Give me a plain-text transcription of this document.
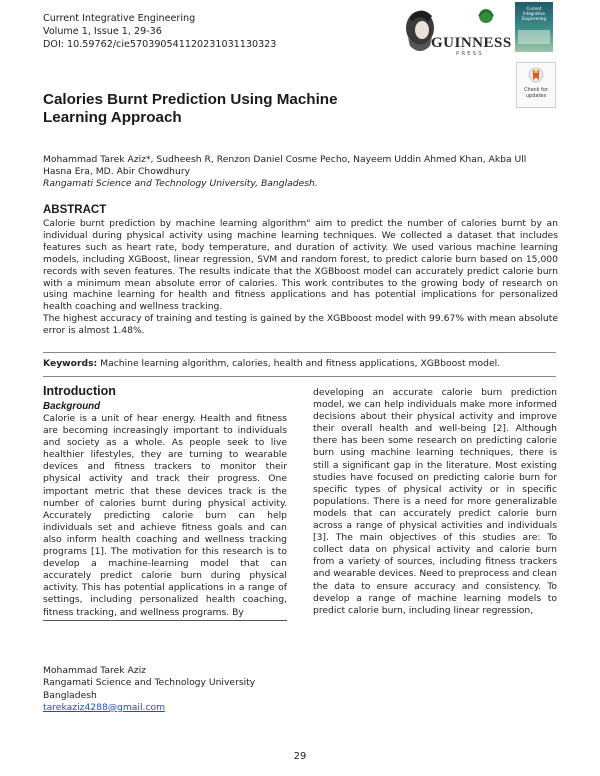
Current Integrative Engineering
Volume 1, Issue 1, 29-36
DOI: 10.59762/cie570390541120231031130323	GUINNESS
PRESS
Current Integrative Engineering
Check for updates
Calories Burnt Prediction Using Machine Learning Approach
Mohammad Tarek Aziz*, Sudheesh R, Renzon Daniel Cosme Pecho, Nayeem Uddin Ahmed Khan, Akba Ull Hasna Era, MD. Abir Chowdhury
Rangamati Science and Technology University, Bangladesh.
ABSTRACT
Calorie burnt prediction by machine learning algorithm" aim to predict the number of calories burnt by an individual during physical activity using machine learning techniques. We collected a dataset that includes features such as heart rate, body temperature, and duration of activity. We used various machine learning models, including XGBoost, linear regression, SVM and random forest, to predict calorie burn based on 15,000 records with seven features. The results indicate that the XGBboost model can accurately predict calorie burn with a minimum mean absolute error of calories. This work contributes to the growing body of research on using machine learning for health and fitness applications and has potential implications for personalized health coaching and wellness tracking.
The highest accuracy of training and testing is gained by the XGBboost model with 99.67% with mean absolute error is almost 1.48%.
Keywords: Machine learning algorithm, calories, health and fitness applications, XGBboost model.
Introduction
Background
Calorie is a unit of hear energy. Health and fitness are becoming increasingly important to individuals and society as a whole. As people seek to live healthier lifestyles, they are turning to wearable devices and fitness trackers to monitor their physical activity and track their progress. One important metric that these devices track is the number of calories burnt during physical activity. Accurately predicting calorie burn can help individuals set and achieve fitness goals and can also inform health coaching and wellness tracking programs [1]. The motivation for this research is to develop a machine-learning model that can accurately predict calorie burn during physical activity. This has potential applications in a range of settings, including personalized health coaching, fitness tracking, and wellness programs. By
developing an accurate calorie burn prediction model, we can help individuals make more informed decisions about their physical activity and improve their overall health and well-being [2]. Although there has been some research on predicting calorie burn using machine learning techniques, there is still a significant gap in the literature. Most existing studies have focused on predicting calorie burn for specific types of physical activity or in specific populations. There is a need for more generalizable models that can accurately predict calorie burn across a range of physical activities and individuals [3]. The main objectives of this studies are: To collect data on physical activity and calorie burn from a variety of sources, including fitness trackers and wearable devices. Need to preprocess and clean the data to ensure accuracy and consistency. To develop a range of machine learning models to predict calorie burn, including linear regression,
Mohammad Tarek Aziz
Rangamati Science and Technology University
Bangladesh
tarekaziz4288@gmail.com
29
